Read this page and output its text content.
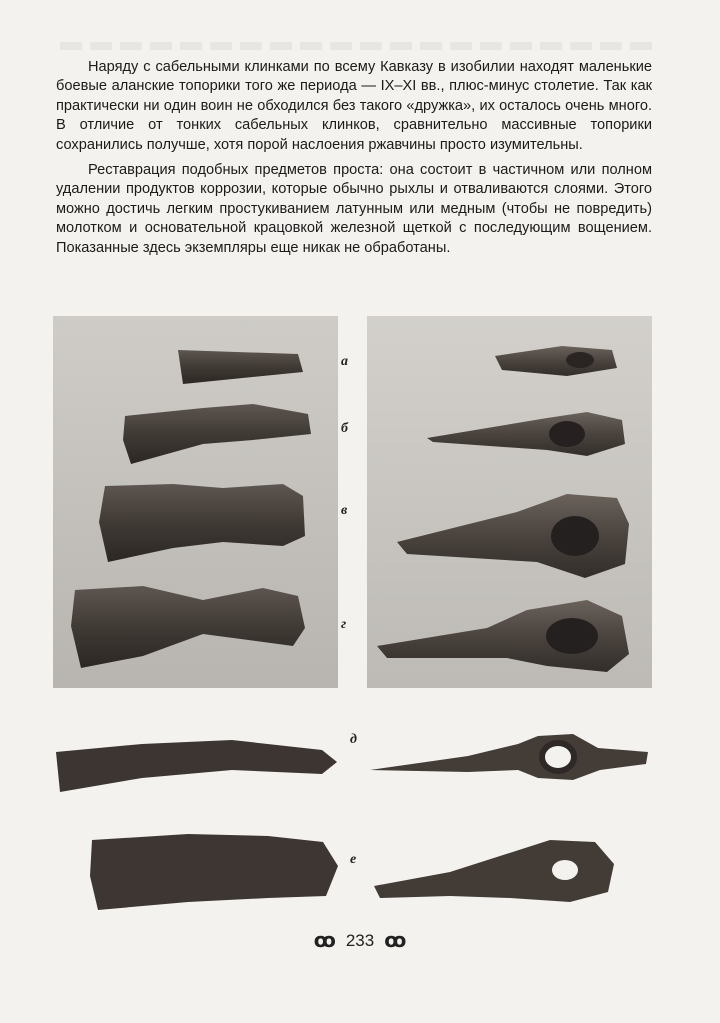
Наряду с сабельными клинками по всему Кавказу в изобилии находят маленькие боевые аланские топорики того же периода — IX–XI вв., плюс-минус столетие. Так как практически ни один воин не обходился без такого «дружка», их осталось очень много. В отличие от тонких сабельных клинков, сравнительно массивные топорики сохранились получше, хотя порой наслоения ржавчины просто изумительны.

Реставрация подобных предметов проста: она состоит в частичном или полном удалении продуктов коррозии, которые обычно рыхлы и отваливаются слоями. Этого можно достичь легким простукиванием латунным или медным (чтобы не повредить) молотком и основательной крацовкой железной щеткой с последующим вощением. Показанные здесь экземпляры еще никак не обработаны.

а
б
в
г
д
е
ꝏ 233 ꝏ
